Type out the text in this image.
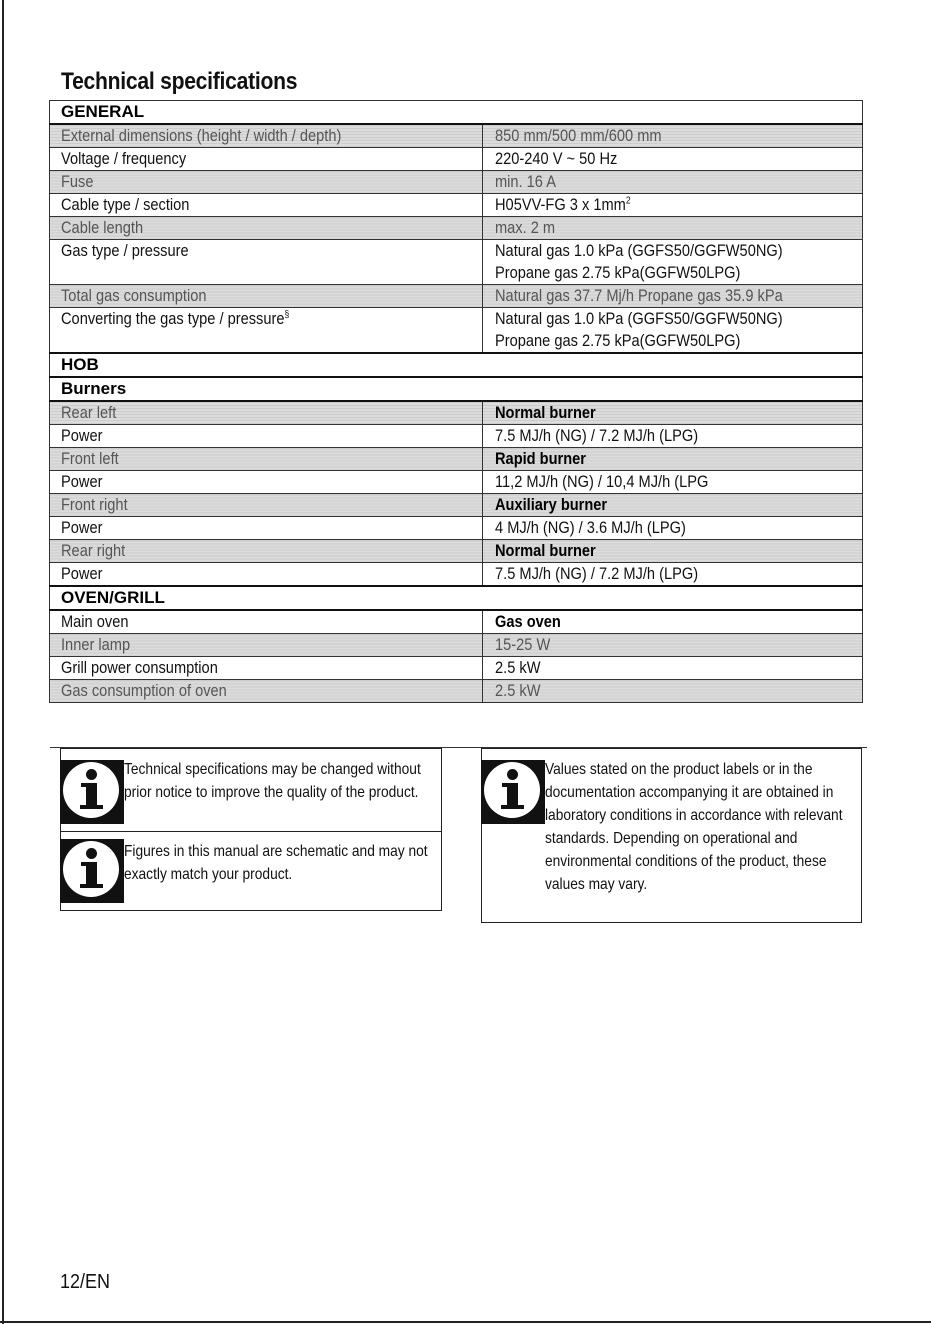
Technical specifications
GENERAL	
External dimensions (height / width / depth)	850 mm/500 mm/600 mm
Voltage / frequency	220-240 V ~ 50 Hz
Fuse	min. 16 A
Cable type / section	H05VV-FG 3 x $1mm^2$
Cable length	max. 2 m
Gas type / pressure	Natural gas 1.0 kPa (GGFS50/GGFW50NG)
Propane gas 2.75 kPa(GGFW50LPG)
Total gas consumption	Natural gas 37.7 Mj/h Propane gas 35.9 kPa
Converting the gas type / pressure§	Natural gas 1.0 kPa (GGFS50/GGFW50NG)
Propane gas 2.75 kPa(GGFW50LPG)
HOB	
Burners	
Rear left	Normal burner
Power	7.5 MJ/h (NG) / 7.2 MJ/h (LPG)
Front left	Rapid burner
Power	11,2 MJ/h (NG) / 10,4 MJ/h (LPG
Front right	Auxiliary burner
Power	4 MJ/h (NG) / 3.6 MJ/h (LPG)
Rear right	Normal burner
Power	7.5 MJ/h (NG) / 7.2 MJ/h (LPG)
OVEN/GRILL	
Main oven	Gas oven
Inner lamp	15-25 W
Grill power consumption	2.5 kW
Gas consumption of oven	2.5 kW
Technical specifications may be changed without prior notice to improve the quality of the product.
Figures in this manual are schematic and may not exactly match your product.
Values stated on the product labels or in the documentation accompanying it are obtained in laboratory conditions in accordance with relevant standards. Depending on operational and environmental conditions of the product, these values may vary.
12/EN
